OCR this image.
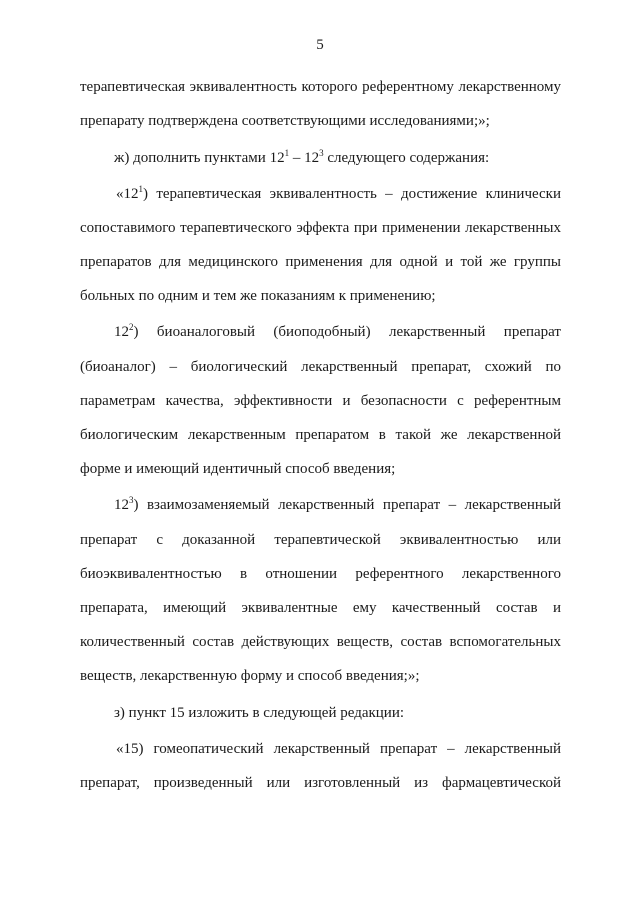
5
терапевтическая эквивалентность которого референтному лекарственному
препарату подтверждена соответствующими исследованиями;»;
ж) дополнить пунктами $12^1 - 12^3$ следующего содержания:
«$12^1$) терапевтическая эквивалентность – достижение клинически
сопоставимого терапевтического эффекта при применении лекарственных
препаратов для медицинского применения для одной и той же группы
больных по одним и тем же показаниям к применению;
$12^2$) биоаналоговый (биоподобный) лекарственный препарат
(биоаналог) – биологический лекарственный препарат, схожий по
параметрам качества, эффективности и безопасности с референтным
биологическим лекарственным препаратом в такой же лекарственной
форме и имеющий идентичный способ введения;
$12^3$) взаимозаменяемый лекарственный препарат – лекарственный
препарат с доказанной терапевтической эквивалентностью или
биоэквивалентностью в отношении референтного лекарственного
препарата, имеющий эквивалентные ему качественный состав и
количественный состав действующих веществ, состав вспомогательных
веществ, лекарственную форму и способ введения;»;
з) пункт 15 изложить в следующей редакции:
«15) гомеопатический лекарственный препарат – лекарственный
препарат, произведенный или изготовленный из фармацевтической
